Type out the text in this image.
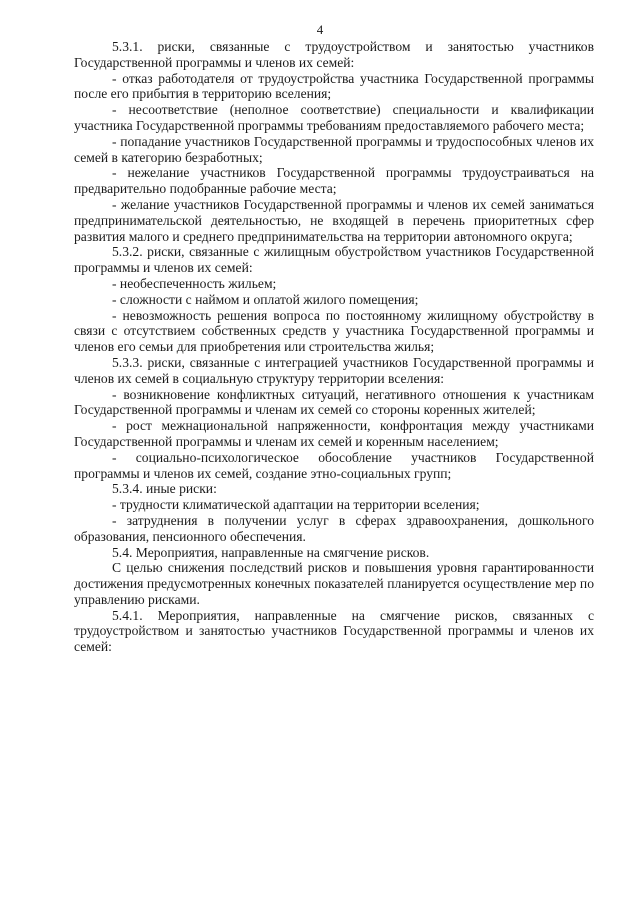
4

5.3.1. риски, связанные с трудоустройством и занятостью участников Государственной программы и членов их семей:

- отказ работодателя от трудоустройства участника Государственной программы после его прибытия в территорию вселения;

- несоответствие (неполное соответствие) специальности и квалификации участника Государственной программы требованиям предоставляемого рабочего места;

- попадание участников Государственной программы и трудоспособных членов их семей в категорию безработных;

- нежелание участников Государственной программы трудоустраиваться на предварительно подобранные рабочие места;

- желание участников Государственной программы и членов их семей заниматься предпринимательской деятельностью, не входящей в перечень приоритетных сфер развития малого и среднего предпринимательства на территории автономного округа;

5.3.2. риски, связанные с жилищным обустройством участников Государственной программы и членов их семей:

- необеспеченность жильем;

- сложности с наймом и оплатой жилого помещения;

- невозможность решения вопроса по постоянному жилищному обустройству в связи с отсутствием собственных средств у участника Государственной программы и членов его семьи для приобретения или строительства жилья;

5.3.3. риски, связанные с интеграцией участников Государственной программы и членов их семей в социальную структуру территории вселения:

- возникновение конфликтных ситуаций, негативного отношения к участникам Государственной программы и членам их семей со стороны коренных жителей;

- рост межнациональной напряженности, конфронтация между участниками Государственной программы и членам их семей и коренным населением;

- социально-психологическое обособление участников Государственной программы и членов их семей, создание этно-социальных групп;

5.3.4. иные риски:

- трудности климатической адаптации на территории вселения;

- затруднения в получении услуг в сферах здравоохранения, дошкольного образования, пенсионного обеспечения.

5.4. Мероприятия, направленные на смягчение рисков.

С целью снижения последствий рисков и повышения уровня гарантированности достижения предусмотренных конечных показателей планируется осуществление мер по управлению рисками.

5.4.1. Мероприятия, направленные на смягчение рисков, связанных с трудоустройством и занятостью участников Государственной программы и членов их семей:
